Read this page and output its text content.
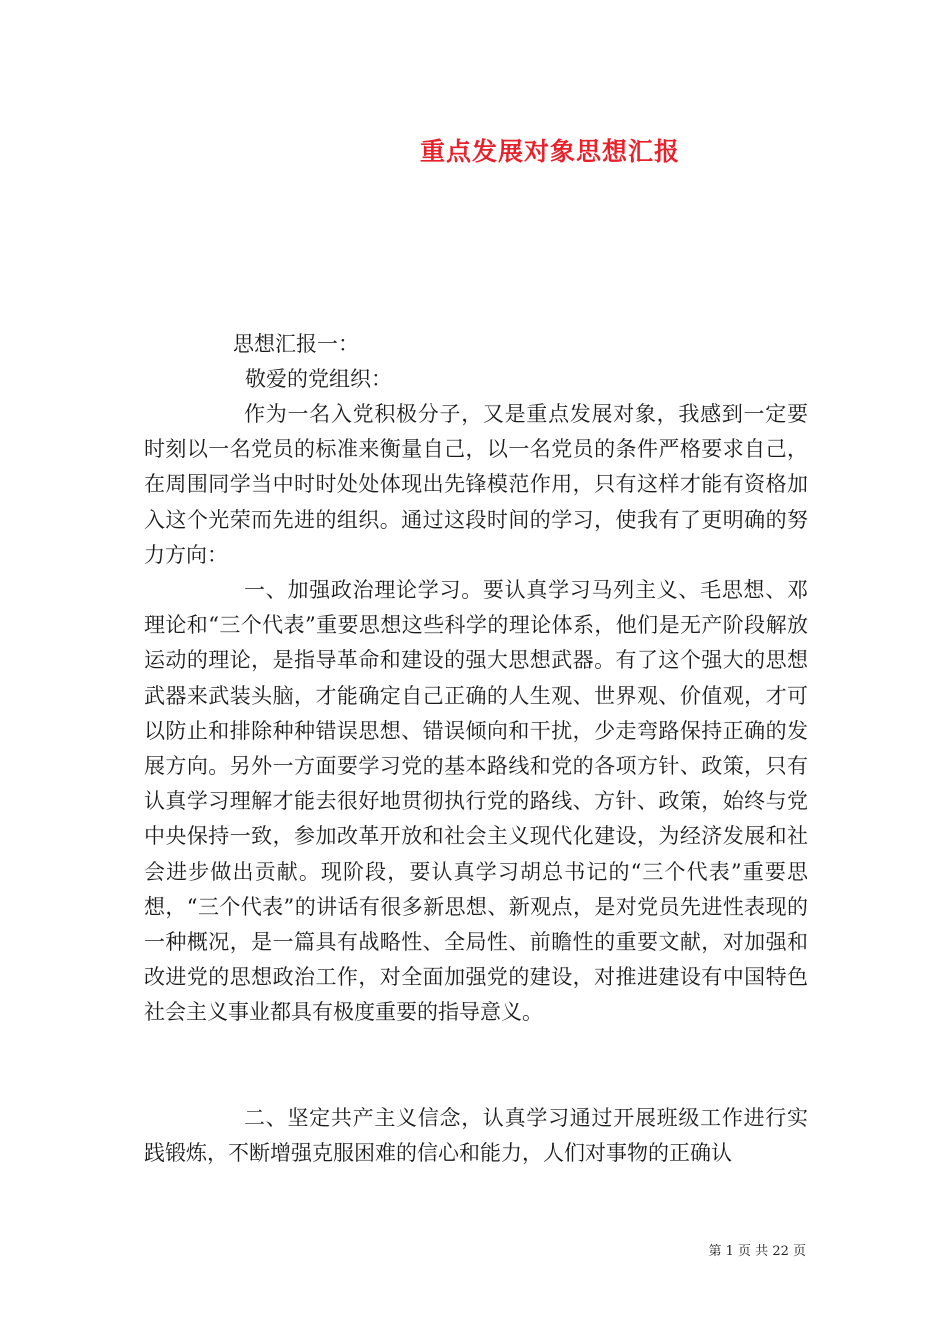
重点发展对象思想汇报
思想汇报一：
敬爱的党组织：
作为一名入党积极分子，又是重点发展对象，我感到一定要时刻以一名党员的标准来衡量自己，以一名党员的条件严格要求自己，在周围同学当中时时处处体现出先锋模范作用，只有这样才能有资格加入这个光荣而先进的组织。通过这段时间的学习，使我有了更明确的努力方向：
一、加强政治理论学习。要认真学习马列主义、毛思想、邓理论和“三个代表”重要思想这些科学的理论体系，他们是无产阶段解放运动的理论，是指导革命和建设的强大思想武器。有了这个强大的思想武器来武装头脑，才能确定自己正确的人生观、世界观、价值观，才可以防止和排除种种错误思想、错误倾向和干扰，少走弯路保持正确的发展方向。另外一方面要学习党的基本路线和党的各项方针、政策，只有认真学习理解才能去很好地贯彻执行党的路线、方针、政策，始终与党中央保持一致，参加改革开放和社会主义现代化建设，为经济发展和社会进步做出贡献。现阶段，要认真学习胡总书记的“三个代表”重要思想，“三个代表”的讲话有很多新思想、新观点，是对党员先进性表现的一种概况，是一篇具有战略性、全局性、前瞻性的重要文献，对加强和改进党的思想政治工作，对全面加强党的建设，对推进建设有中国特色社会主义事业都具有极度重要的指导意义。
二、坚定共产主义信念，认真学习通过开展班级工作进行实践锻炼，不断增强克服困难的信心和能力，人们对事物的正确认
第 1 页 共 22 页
